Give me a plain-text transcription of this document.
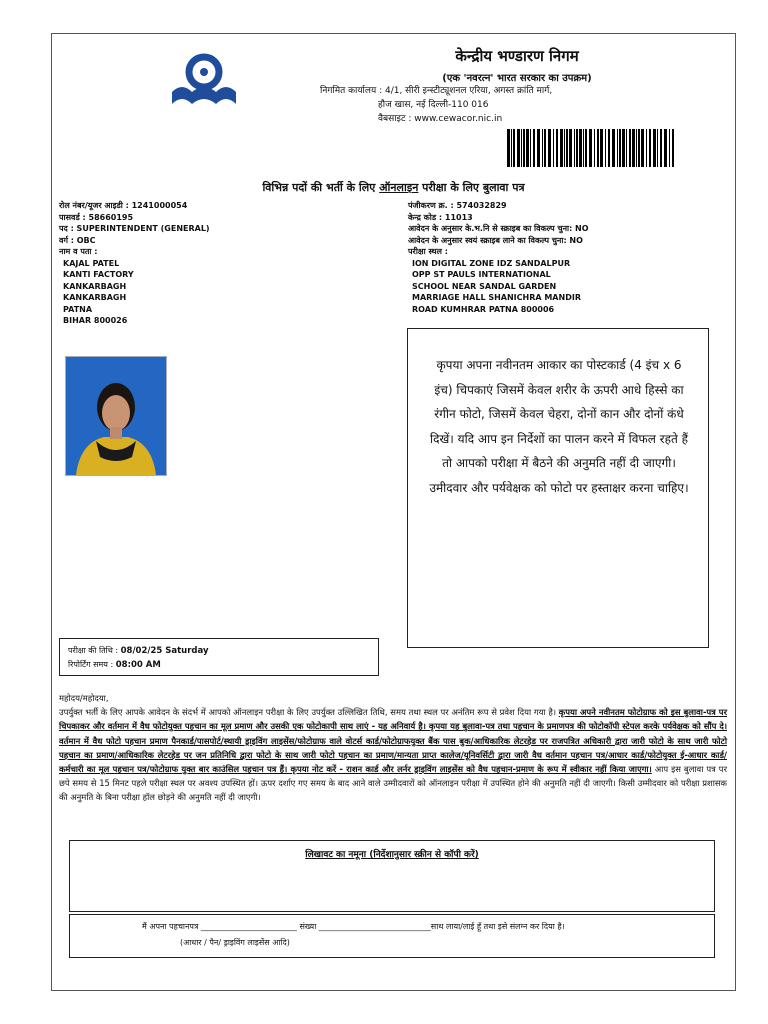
केन्द्रीय भण्डारण निगम
(एक 'नवरत्न' भारत सरकार का उपक्रम)
निगमित कार्यालय : 4/1, सीरी इन्स्टीट्यूशनल एरिया, अगस्त क्रांति मार्ग,
हौज खास, नई दिल्ली-110 016
वैबसाइट : www.cewacor.nic.in
विभिन्न पदों की भर्ती के लिए ऑनलाइन परीक्षा के लिए बुलावा पत्र
रोल नंबर/यूजर आइडी : 1241000054
पासवर्ड : 58660195
पद : SUPERINTENDENT (GENERAL)
वर्ग : OBC
नाम व पता :
KAJAL PATEL
KANTI FACTORY
KANKARBAGH
KANKARBAGH
PATNA
BIHAR 800026
पंजीकरण क्र. : 574032829
केन्द्र कोड : 11013
आवेदन के अनुसार के.भ.नि से स्क्राइब का विकल्प चुना: NO
आवेदन के अनुसार स्वयं स्क्राइब लाने का विकल्प चुना: NO
परीक्षा स्थल :
ION DIGITAL ZONE IDZ SANDALPUR
OPP ST PAULS INTERNATIONAL
SCHOOL NEAR SANDAL GARDEN
MARRIAGE HALL SHANICHRA MANDIR
ROAD KUMHRAR PATNA 800006
कृपया अपना नवीनतम आकार का पोस्टकार्ड (4 इंच x 6 इंच) चिपकाएं जिसमें केवल शरीर के ऊपरी आधे हिस्से का रंगीन फोटो, जिसमें केवल चेहरा, दोनों कान और दोनों कंधे दिखें। यदि आप इन निर्देशों का पालन करने में विफल रहते हैं तो आपको परीक्षा में बैठने की अनुमति नहीं दी जाएगी। उमीदवार और पर्यवेक्षक को फोटो पर हस्ताक्षर करना चाहिए।
परीक्षा की तिथि : 08/02/25 Saturday
रिपोर्टिंग समय : 08:00 AM
महोदय/महोदया,
उपर्युक्त भर्ती के लिए आपके आवेदन के संदर्भ में आपको ऑनलाइन परीक्षा के लिए उपर्युक्त उल्लिखित तिथि, समय तथा स्थल पर अनंतिम रूप से प्रवेश दिया गया है। कृपया अपने नवीनतम फोटोग्राफ को इस बुलावा-पत्र पर चिपकाकर और वर्तमान में वैध फोटोयुक्त पहचान का मूल प्रमाण और उसकी एक फोटोकापी साथ लाएं - यह अनिवार्य है। कृपया यह बुलावा-पत्र तथा पहचान के प्रमाणपत्र की फोटोकॉपी स्टेपल करके पर्यवेक्षक को सौंप दे। वर्तमान में वैध फोटो पहचान प्रमाण पैनकार्ड/पासपोर्ट/स्थायी ड्राइविंग लाइसेंस/फोटोग्राफ वाले वोटर्स कार्ड/फोटोग्राफयुक्त बैंक पास बुक/आधिकारिक लेटरहेड पर राजपत्रित अधिकारी द्वारा जारी फोटो के साथ जारी फोटो पहचान का प्रमाण/आधिकारिक लेटरहेड पर जन प्रतिनिधि द्वारा फोटो के साथ जारी फोटो पहचान का प्रमाण/मान्यता प्राप्त कालेज/यूनिवर्सिटी द्वारा जारी वैध वर्तमान पहचान पत्र/आधार कार्ड/फोटोयुक्त ई-आधार कार्ड/कर्मचारी का मूल पहचान पत्र/फोटोग्राफ युक्त बार काउंसिल पहचान पत्र हैं। कृपया नोट करें - राशन कार्ड और लर्नर ड्राइविंग लाइसेंस को वैध पहचान-प्रमाण के रूप में स्वीकार नहीं किया जाएगा। आप इस बुलावा पत्र पर छपे समय से 15 मिनट पहले परीक्षा स्थल पर अवश्य उपस्थित हों। ऊपर दर्शाए गए समय के बाद आने वाले उम्मीदवारों को ऑनलाइन परीक्षा में उपस्थित होने की अनुमति नहीं दी जाएगी। किसी उम्मीदवार को परीक्षा प्रशासक की अनुमति के बिना परीक्षा हॉल छोड़ने की अनुमति नहीं दी जाएगी।
लिखावट का नमूना (निर्देशानुसार स्क्रीन से कॉपी करें)
मैं अपना पहचानपत्र ________________________ संख्या ____________________________साथ लाया/लाई हूँ तथा इसे संलग्न कर दिया है।
(आधार / पैन/ ड्राइविंग लाइसेंस आदि)
